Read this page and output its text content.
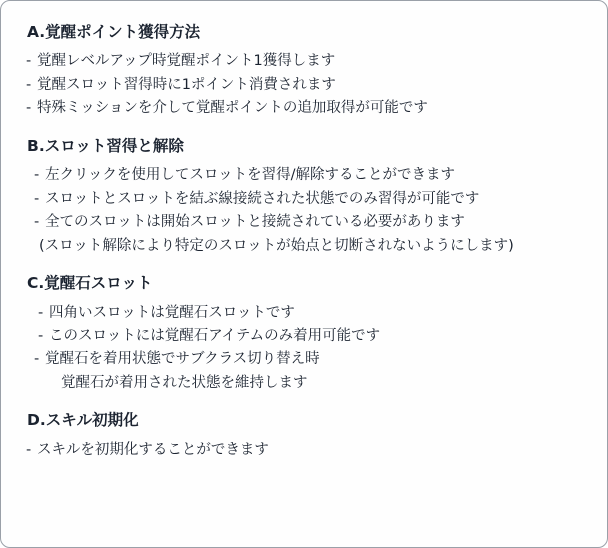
A.覚醒ポイント獲得方法
‐ 覚醒レベルアップ時覚醒ポイント1獲得します
‐ 覚醒スロット習得時に1ポイント消費されます
‐ 特殊ミッションを介して覚醒ポイントの追加取得が可能です
B.スロット習得と解除
‐ 左クリックを使用してスロットを習得/解除することができます
‐ スロットとスロットを結ぶ線接続された状態でのみ習得が可能です
‐ 全てのスロットは開始スロットと接続されている必要があります
(スロット解除により特定のスロットが始点と切断されないようにします)
C.覚醒石スロット
‐ 四角いスロットは覚醒石スロットです
‐ このスロットには覚醒石アイテムのみ着用可能です
‐ 覚醒石を着用状態でサブクラス切り替え時
覚醒石が着用された状態を維持します
D.スキル初期化
‐ スキルを初期化することができます
